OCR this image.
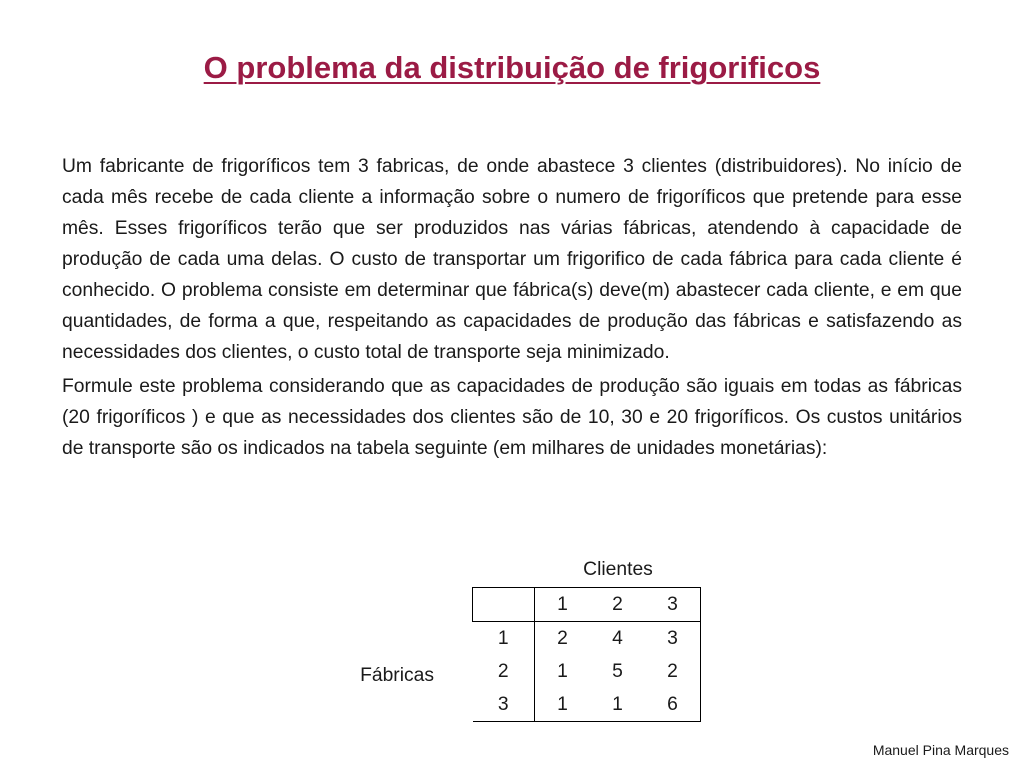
O problema da distribuição de frigorificos

Um fabricante de frigoríficos tem 3 fabricas, de onde abastece 3 clientes (distribuidores). No início de cada mês recebe de cada cliente a informação sobre o numero de frigoríficos que pretende para esse mês. Esses frigoríficos terão que ser produzidos nas várias fábricas, atendendo à capacidade de produção de cada uma delas. O custo de transportar um frigorifico de cada fábrica para cada cliente é conhecido. O problema consiste em determinar que fábrica(s) deve(m) abastecer cada cliente, e em que quantidades, de forma a que, respeitando as capacidades de produção das fábricas e satisfazendo as necessidades dos clientes, o custo total de transporte seja minimizado.

Formule este problema considerando que as capacidades de produção são iguais em todas as fábricas (20 frigoríficos ) e que as necessidades dos clientes são de 10, 30 e 20 frigoríficos. Os custos unitários de transporte são os indicados na tabela seguinte (em milhares de unidades monetárias):

Clientes
Fábricas
	1	2	3
1	2	4	3
2	1	5	2
3	1	1	6
Manuel Pina Marques
